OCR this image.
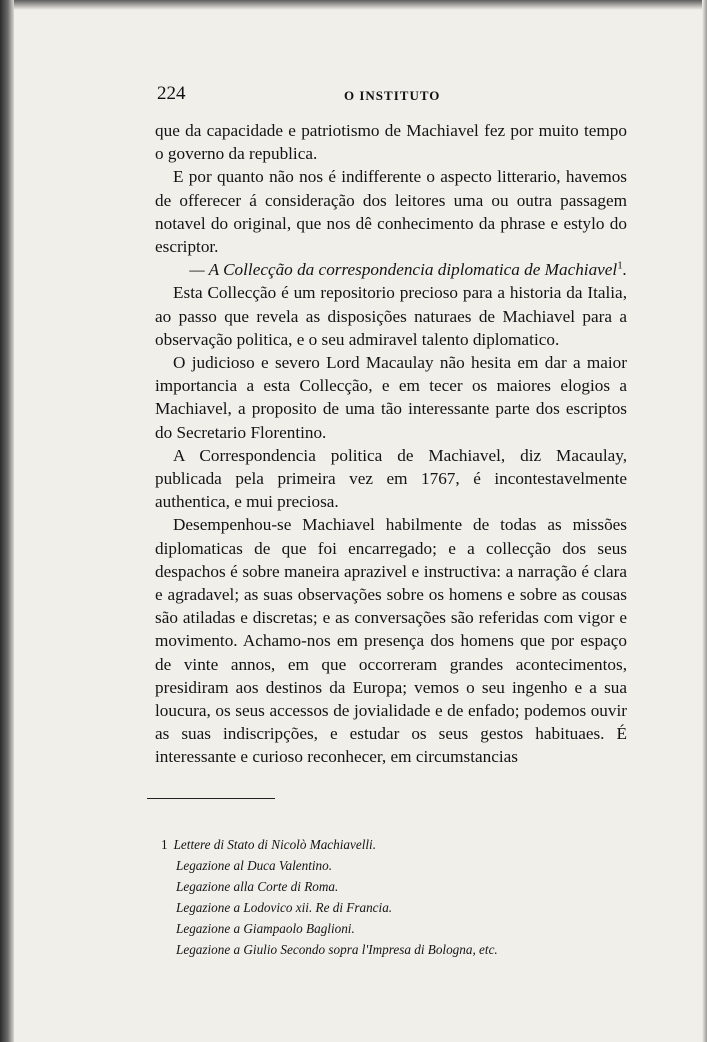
224	O INSTITUTO

que da capacidade e patriotismo de Machiavel fez por muito tempo o governo da republica.

E por quanto não nos é indifferente o aspecto litterario, havemos de offerecer á consideração dos leitores uma ou outra passagem notavel do original, que nos dê conhecimento da phrase e estylo do escriptor.

— A Collecção da correspondencia diplomatica de Machiavel$^1$.

Esta Collecção é um repositorio precioso para a historia da Italia, ao passo que revela as disposições naturaes de Machiavel para a observação politica, e o seu admiravel talento diplomatico.

O judicioso e severo Lord Macaulay não hesita em dar a maior importancia a esta Collecção, e em tecer os maiores elogios a Machiavel, a proposito de uma tão interessante parte dos escriptos do Secretario Florentino.

A Correspondencia politica de Machiavel, diz Macaulay, publicada pela primeira vez em 1767, é incontestavelmente authentica, e mui preciosa.

Desempenhou-se Machiavel habilmente de todas as missões diplomaticas de que foi encarregado; e a collecção dos seus despachos é sobre maneira aprazivel e instructiva: a narração é clara e agradavel; as suas observações sobre os homens e sobre as cousas são atiladas e discretas; e as conversações são referidas com vigor e movimento. Achamo-nos em presença dos homens que por espaço de vinte annos, em que occorreram grandes acontecimentos, presidiram aos destinos da Europa; vemos o seu ingenho e a sua loucura, os seus accessos de jovialidade e de enfado; podemos ouvir as suas indiscripções, e estudar os seus gestos habituaes. É interessante e curioso reconhecer, em circumstancias

1 Lettere di Stato di Nicolò Machiavelli.

Legazione al Duca Valentino.

Legazione alla Corte di Roma.

Legazione a Lodovico xii. Re di Francia.

Legazione a Giampaolo Baglioni.

Legazione a Giulio Secondo sopra l'Impresa di Bologna, etc.
